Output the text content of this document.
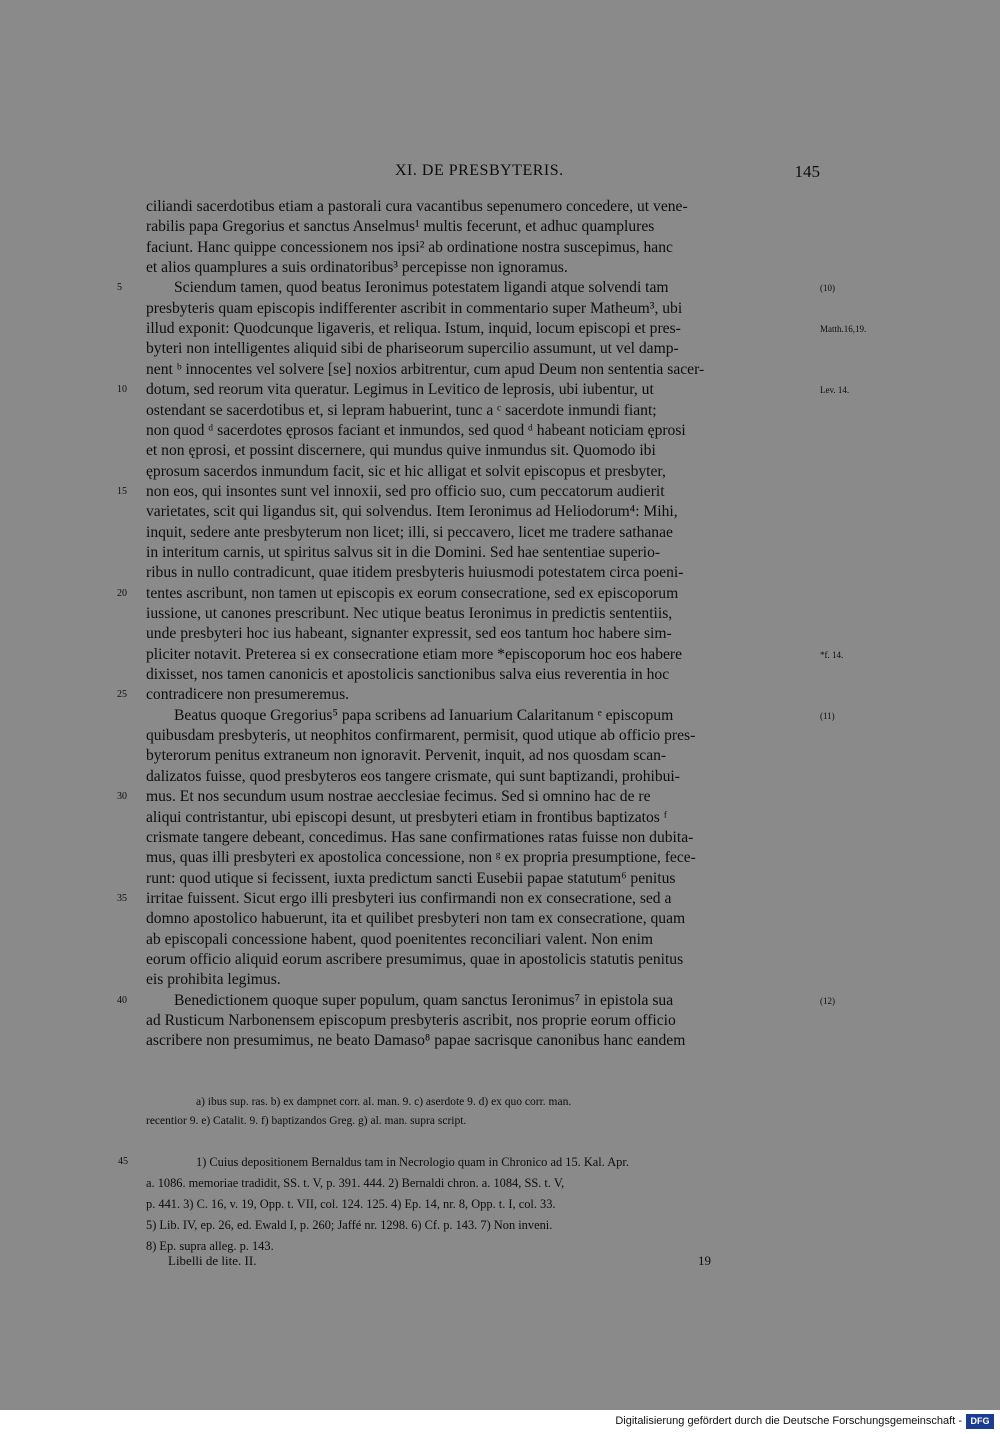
XI. DE PRESBYTERIS.	145
ciliandi sacerdotibus etiam a pastorali cura vacantibus sepenumero concedere, ut vene-
rabilis papa Gregorius et sanctus Anselmus¹ multis fecerunt, et adhuc quamplures
faciunt. Hanc quippe concessionem nos ipsi² ab ordinatione nostra suscepimus, hanc
et alios quamplures a suis ordinatoribus³ percepisse non ignoramus.
Sciendum tamen, quod beatus Ieronimus potestatem ligandi atque solvendi tam
presbyteris quam episcopis indifferenter ascribit in commentario super Matheum³, ubi
illud exponit: Quodcunque ligaveris, et reliqua. Istum, inquid, locum episcopi et pres-
byteri non intelligentes aliquid sibi de phariseorum supercilio assumunt, ut vel damp-
nent ᵇ innocentes vel solvere [se] noxios arbitrentur, cum apud Deum non sententia sacer-
dotum, sed reorum vita queratur. Legimus in Levitico de leprosis, ubi iubentur, ut
ostendant se sacerdotibus et, si lepram habuerint, tunc a ᶜ sacerdote inmundi fiant;
non quod ᵈ sacerdotes ęprosos faciant et inmundos, sed quod ᵈ habeant noticiam ęprosi
et non ęprosi, et possint discernere, qui mundus quive inmundus sit. Quomodo ibi
ęprosum sacerdos inmundum facit, sic et hic alligat et solvit episcopus et presbyter,
non eos, qui insontes sunt vel innoxii, sed pro officio suo, cum peccatorum audierit
varietates, scit qui ligandus sit, qui solvendus. Item Ieronimus ad Heliodorum⁴: Mihi,
inquit, sedere ante presbyterum non licet; illi, si peccavero, licet me tradere sathanae
in interitum carnis, ut spiritus salvus sit in die Domini. Sed hae sententiae superio-
ribus in nullo contradicunt, quae itidem presbyteris huiusmodi potestatem circa poeni-
tentes ascribunt, non tamen ut episcopis ex eorum consecratione, sed ex episcoporum
iussione, ut canones prescribunt. Nec utique beatus Ieronimus in predictis sententiis,
unde presbyteri hoc ius habeant, signanter expressit, sed eos tantum hoc habere sim-
pliciter notavit. Preterea si ex consecratione etiam more *episcoporum hoc eos habere
dixisset, nos tamen canonicis et apostolicis sanctionibus salva eius reverentia in hoc
contradicere non presumeremus.
Beatus quoque Gregorius⁵ papa scribens ad Ianuarium Calaritanum ᵉ episcopum
quibusdam presbyteris, ut neophitos confirmarent, permisit, quod utique ab officio pres-
byterorum penitus extraneum non ignoravit. Pervenit, inquit, ad nos quosdam scan-
dalizatos fuisse, quod presbyteros eos tangere crismate, qui sunt baptizandi, prohibui-
mus. Et nos secundum usum nostrae aecclesiae fecimus. Sed si omnino hac de re
aliqui contristantur, ubi episcopi desunt, ut presbyteri etiam in frontibus baptizatos ᶠ
crismate tangere debeant, concedimus. Has sane confirmationes ratas fuisse non dubita-
mus, quas illi presbyteri ex apostolica concessione, non ᵍ ex propria presumptione, fece-
runt: quod utique si fecissent, iuxta predictum sancti Eusebii papae statutum⁶ penitus
irritae fuissent. Sicut ergo illi presbyteri ius confirmandi non ex consecratione, sed a
domno apostolico habuerunt, ita et quilibet presbyteri non tam ex consecratione, quam
ab episcopali concessione habent, quod poenitentes reconciliari valent. Non enim
eorum officio aliquid eorum ascribere presumimus, quae in apostolicis statutis penitus
eis prohibita legimus.
Benedictionem quoque super populum, quam sanctus Ieronimus⁷ in epistola sua
ad Rusticum Narbonensem episcopum presbyteris ascribit, nos proprie eorum officio
ascribere non presumimus, ne beato Damaso⁸ papae sacrisque canonibus hanc eandem
5
10
15
20
25
30
35
40
(10)
Matth.16,19.
Lev. 14.
*f. 14.
(11)
(12)
a) ibus sup. ras. b) ex dampnet corr. al. man. 9. c) aserdote 9. d) ex quo corr. man.
recentior 9. e) Catalit. 9. f) baptizandos Greg. g) al. man. supra script.
45	1) Cuius depositionem Bernaldus tam in Necrologio quam in Chronico ad 15. Kal. Apr.
a. 1086. memoriae tradidit, SS. t. V, p. 391. 444. 2) Bernaldi chron. a. 1084, SS. t. V,
p. 441. 3) C. 16, v. 19, Opp. t. VII, col. 124. 125. 4) Ep. 14, nr. 8, Opp. t. I, col. 33.
5) Lib. IV, ep. 26, ed. Ewald I, p. 260; Jaffé nr. 1298. 6) Cf. p. 143. 7) Non inveni.
8) Ep. supra alleg. p. 143.
Libelli de lite. II.	19
Digitalisierung gefördert durch die Deutsche Forschungsgemeinschaft - DFG
